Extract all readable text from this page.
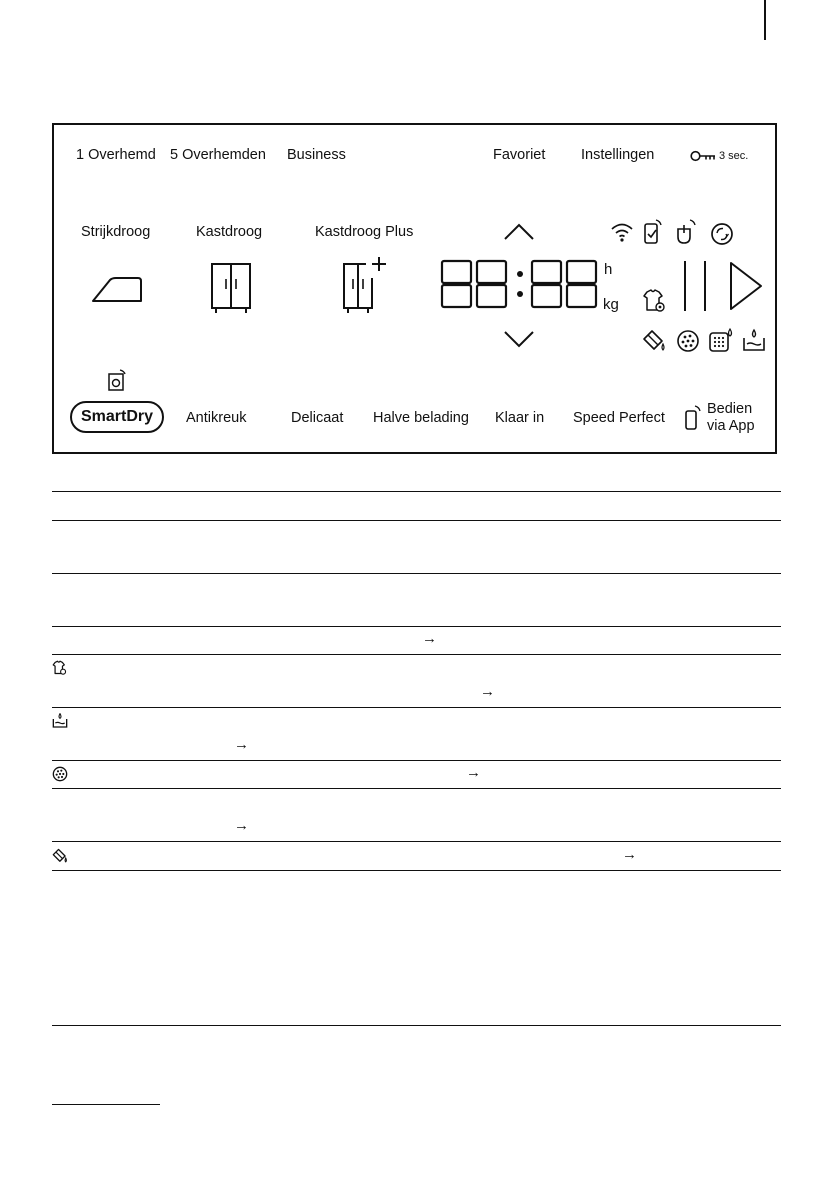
1 Overhemd 5 Overhemden Business	Favoriet Instellingen	3 sec.
Strijkdroog	Kastdroog	Kastdroog Plus
h
kg
SmartDry	Antikreuk	Delicaat Halve belading Klaar in Speed Perfect
Bedien
via App
→
→
→
→
→
→
